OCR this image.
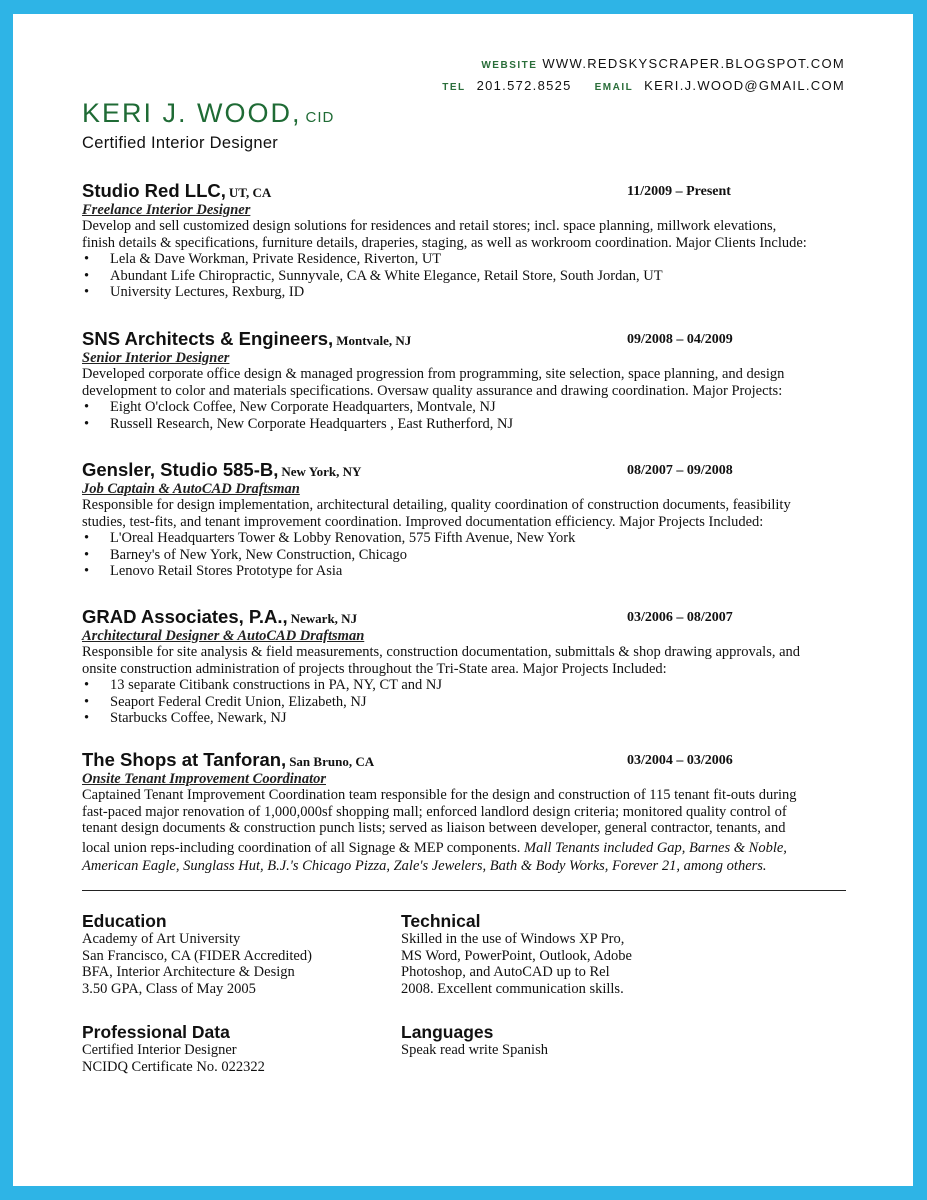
WEBSITE WWW.REDSKYSCRAPER.BLOGSPOT.COM
TEL 201.572.8525 EMAIL KERI.J.WOOD@GMAIL.COM
KERI J. WOOD, CID
Certified Interior Designer
Studio Red LLC, UT, CA	11/2009 – Present
Freelance Interior Designer
Develop and sell customized design solutions for residences and retail stores; incl. space planning, millwork elevations,
finish details & specifications, furniture details, draperies, staging, as well as workroom coordination. Major Clients Include:
• Lela & Dave Workman, Private Residence, Riverton, UT
• Abundant Life Chiropractic, Sunnyvale, CA & White Elegance, Retail Store, South Jordan, UT
• University Lectures, Rexburg, ID
SNS Architects & Engineers, Montvale, NJ	09/2008 – 04/2009
Senior Interior Designer
Developed corporate office design & managed progression from programming, site selection, space planning, and design
development to color and materials specifications. Oversaw quality assurance and drawing coordination. Major Projects:
• Eight O'clock Coffee, New Corporate Headquarters, Montvale, NJ
• Russell Research, New Corporate Headquarters , East Rutherford, NJ
Gensler, Studio 585-B, New York, NY	08/2007 – 09/2008
Job Captain & AutoCAD Draftsman
Responsible for design implementation, architectural detailing, quality coordination of construction documents, feasibility
studies, test-fits, and tenant improvement coordination. Improved documentation efficiency. Major Projects Included:
• L'Oreal Headquarters Tower & Lobby Renovation, 575 Fifth Avenue, New York
• Barney's of New York, New Construction, Chicago
• Lenovo Retail Stores Prototype for Asia
GRAD Associates, P.A., Newark, NJ	03/2006 – 08/2007
Architectural Designer & AutoCAD Draftsman
Responsible for site analysis & field measurements, construction documentation, submittals & shop drawing approvals, and
onsite construction administration of projects throughout the Tri-State area. Major Projects Included:
• 13 separate Citibank constructions in PA, NY, CT and NJ
• Seaport Federal Credit Union, Elizabeth, NJ
• Starbucks Coffee, Newark, NJ
The Shops at Tanforan, San Bruno, CA	03/2004 – 03/2006
Onsite Tenant Improvement Coordinator
Captained Tenant Improvement Coordination team responsible for the design and construction of 115 tenant fit-outs during
fast-paced major renovation of 1,000,000sf shopping mall; enforced landlord design criteria; monitored quality control of
tenant design documents & construction punch lists; served as liaison between developer, general contractor, tenants, and
local union reps-including coordination of all Signage & MEP components. Mall Tenants included Gap, Barnes & Noble,
American Eagle, Sunglass Hut, B.J.'s Chicago Pizza, Zale's Jewelers, Bath & Body Works, Forever 21, among others.
Education
Academy of Art University
San Francisco, CA (FIDER Accredited)
BFA, Interior Architecture & Design
3.50 GPA, Class of May 2005
Technical
Skilled in the use of Windows XP Pro,
MS Word, PowerPoint, Outlook, Adobe
Photoshop, and AutoCAD up to Rel
2008. Excellent communication skills.
Professional Data
Certified Interior Designer
NCIDQ Certificate No. 022322
Languages
Speak read write Spanish
